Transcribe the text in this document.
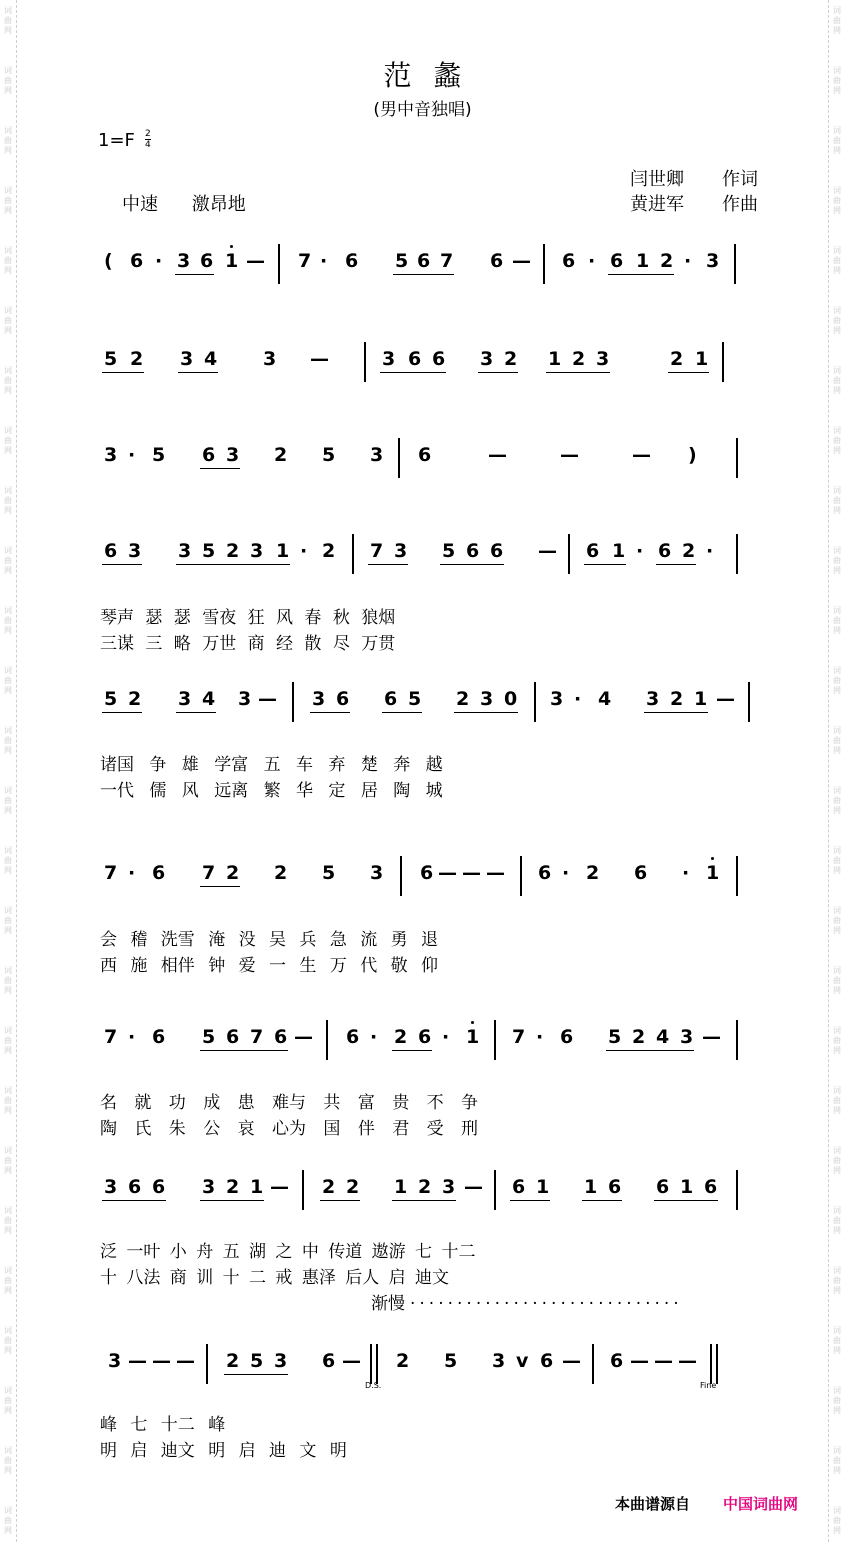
词
曲
网
词
曲
网
词
曲
网
词
曲
网
词
曲
网
词
曲
网
词
曲
网
词
曲
网
词
曲
网
词
曲
网
词
曲
网
词
曲
网
词
曲
网
词
曲
网
词
曲
网
词
曲
网
词
曲
网
词
曲
网
词
曲
网
词
曲
网
词
曲
网
词
曲
网
词
曲
网
词
曲
网
词
曲
网
词
曲
网
词
曲
网
词
曲
网
词
曲
网
词
曲
网
词
曲
网
词
曲
网
词
曲
网
词
曲
网
词
曲
网
词
曲
网
词
曲
网
词
曲
网
词
曲
网
词
曲
网
词
曲
网
词
曲
网
词
曲
网
词
曲
网
词
曲
网
词
曲
网
词
曲
网
词
曲
网
词
曲
网
词
曲
网
词
曲
网
词
曲
网
范蠡
(男中音独唱)
$1=F \frac{2}{4}$
中速 激昂地
闫世卿 作词
黄进军 作曲
( 6 · 3 6 1 — 7 · 6 5 6 7 6 — 6 · 6 1 2 · 3
5 2 3 4 3 —	3 6 6 3 2 1 2 3	2 1
3 · 5 6 3 2 5 3 6	—	—	— )
6 3 3 5 2 3 1 · 2 7 3 5 6 6 — 6 1 · 6 2 ·
5 2 3 4 3 — 3 6 6 5 2 3 0 3 · 4 3 2 1 —
7 · 6 7 2 2 5 3 6 — — — 6 · 2 6 · 1
7 · 6 5 6 7 6 — 6 · 2 6 · 1 7 · 6 5 2 4 3 —
3 6 6 3 2 1 — 2 2 1 2 3 — 6 1 1 6 6 1 6
3 — — — 2 5 3 6 — 2 5 3 v 6 — 6 — — —
琴声 瑟 瑟 雪夜 狂 风 春 秋 狼烟
三谋 三 略 万世 商 经 散 尽 万贯
诸国 争 雄 学富 五 车 弃 楚 奔 越
一代 儒 风 远离 繁 华 定 居 陶 城
会 稽 洗雪 淹 没 吴 兵 急 流 勇 退
西 施 相伴 钟 爱 一 生 万 代 敬 仰
名 就 功 成 患 难与 共 富 贵 不 争
陶 氏 朱 公 哀 心为 国 伴 君 受 刑
泛 一叶 小 舟 五 湖 之 中 传道 遨游 七 十二
十 八法 商 训 十 二 戒 惠泽 后人 启 迪文
峰 七 十二 峰
明 启 迪文 明 启 迪 文 明
渐慢 .............................
D.S.	Fine
本曲谱源自 中国词曲网
